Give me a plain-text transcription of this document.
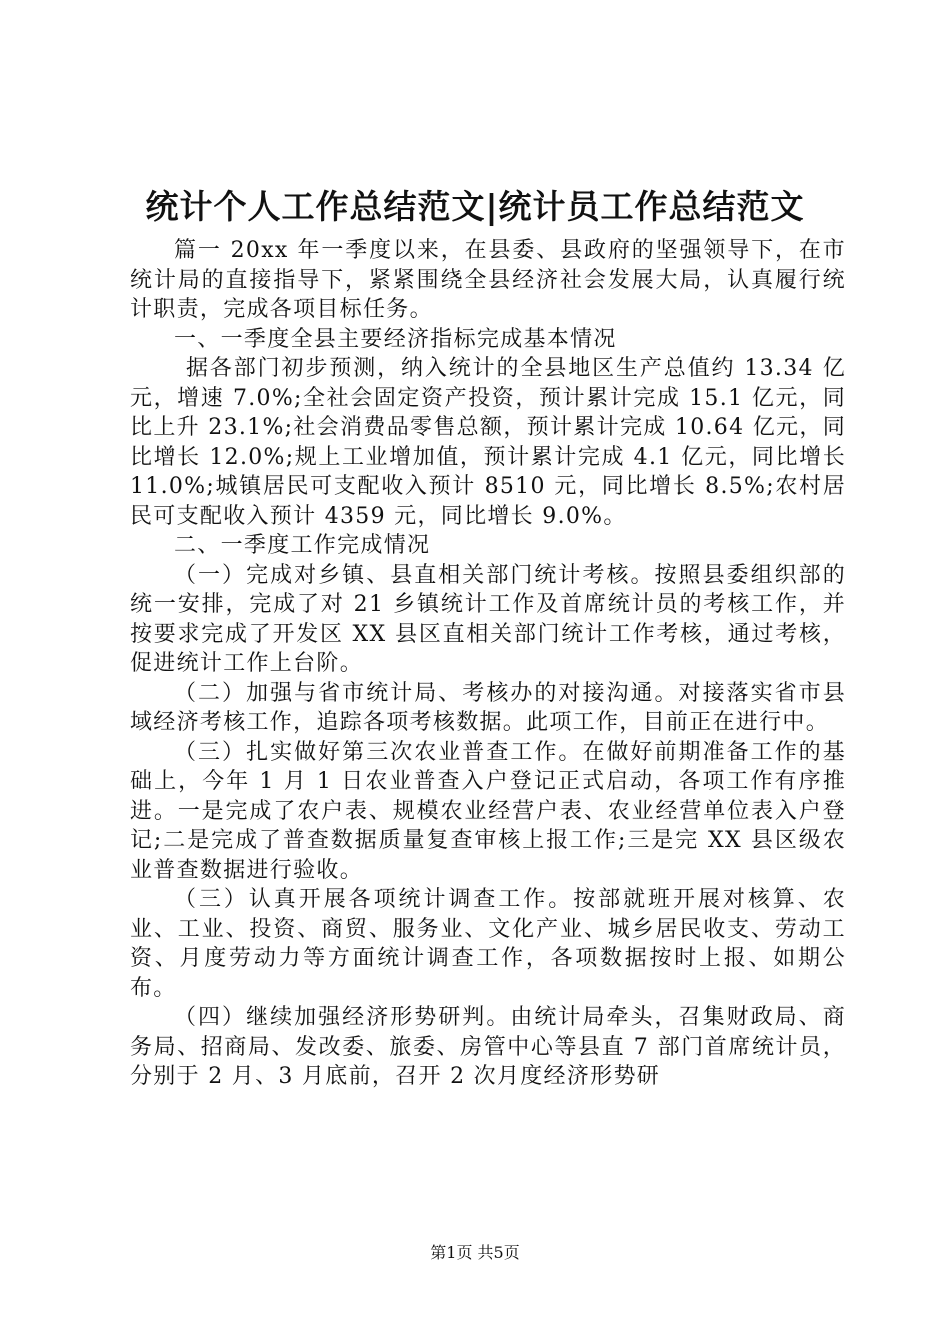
统计个人工作总结范文|统计员工作总结范文

篇一 20xx 年一季度以来，在县委、县政府的坚强领导下，在市统计局的直接指导下，紧紧围绕全县经济社会发展大局，认真履行统计职责，完成各项目标任务。

一、一季度全县主要经济指标完成基本情况

据各部门初步预测，纳入统计的全县地区生产总值约 13.34 亿元，增速 7.0%;全社会固定资产投资，预计累计完成 15.1 亿元，同比上升 23.1%;社会消费品零售总额，预计累计完成 10.64 亿元，同比增长 12.0%;规上工业增加值，预计累计完成 4.1 亿元，同比增长 11.0%;城镇居民可支配收入预计 8510 元，同比增长 8.5%;农村居民可支配收入预计 4359 元，同比增长 9.0%。

二、一季度工作完成情况

（一）完成对乡镇、县直相关部门统计考核。按照县委组织部的统一安排，完成了对 21 乡镇统计工作及首席统计员的考核工作，并按要求完成了开发区 XX 县区直相关部门统计工作考核，通过考核，促进统计工作上台阶。

（二）加强与省市统计局、考核办的对接沟通。对接落实省市县域经济考核工作，追踪各项考核数据。此项工作，目前正在进行中。

（三）扎实做好第三次农业普查工作。在做好前期准备工作的基础上，今年 1 月 1 日农业普查入户登记正式启动，各项工作有序推进。一是完成了农户表、规模农业经营户表、农业经营单位表入户登记;二是完成了普查数据质量复查审核上报工作;三是完 XX 县区级农业普查数据进行验收。

（三）认真开展各项统计调查工作。按部就班开展对核算、农业、工业、投资、商贸、服务业、文化产业、城乡居民收支、劳动工资、月度劳动力等方面统计调查工作，各项数据按时上报、如期公布。

（四）继续加强经济形势研判。由统计局牵头，召集财政局、商务局、招商局、发改委、旅委、房管中心等县直 7 部门首席统计员，分别于 2 月、3 月底前，召开 2 次月度经济形势研

第1页 共5页
